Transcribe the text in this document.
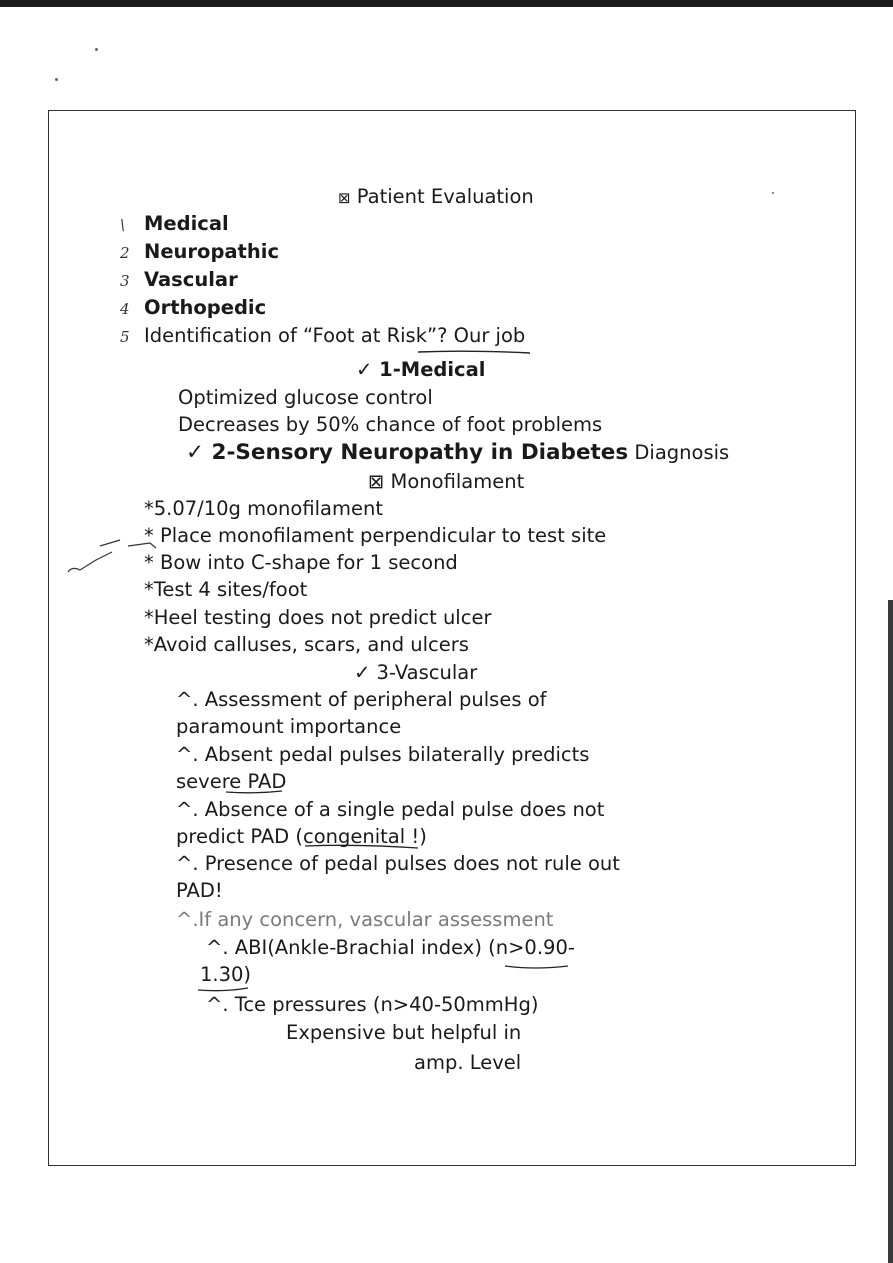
⊠ Patient Evaluation
\ Medical
2 Neuropathic
3 Vascular
4 Orthopedic
5 Identification of “Foot at Risk”? Our job
✓ 1-Medical
Optimized glucose control
Decreases by 50% chance of foot problems
✓ 2-Sensory Neuropathy in Diabetes Diagnosis
⊠ Monofilament
*5.07/10g monofilament
* Place monofilament perpendicular to test site
* Bow into C-shape for 1 second
*Test 4 sites/foot
*Heel testing does not predict ulcer
*Avoid calluses, scars, and ulcers
✓ 3-Vascular
^. Assessment of peripheral pulses of
paramount importance
^. Absent pedal pulses bilaterally predicts
severe PAD
^. Absence of a single pedal pulse does not
predict PAD (congenital !)
^. Presence of pedal pulses does not rule out
PAD!
^.If any concern, vascular assessment
^. ABI(Ankle-Brachial index) (n>0.90-
1.30)
^. Tce pressures (n>40-50mmHg)
Expensive but helpful in
amp. Level
